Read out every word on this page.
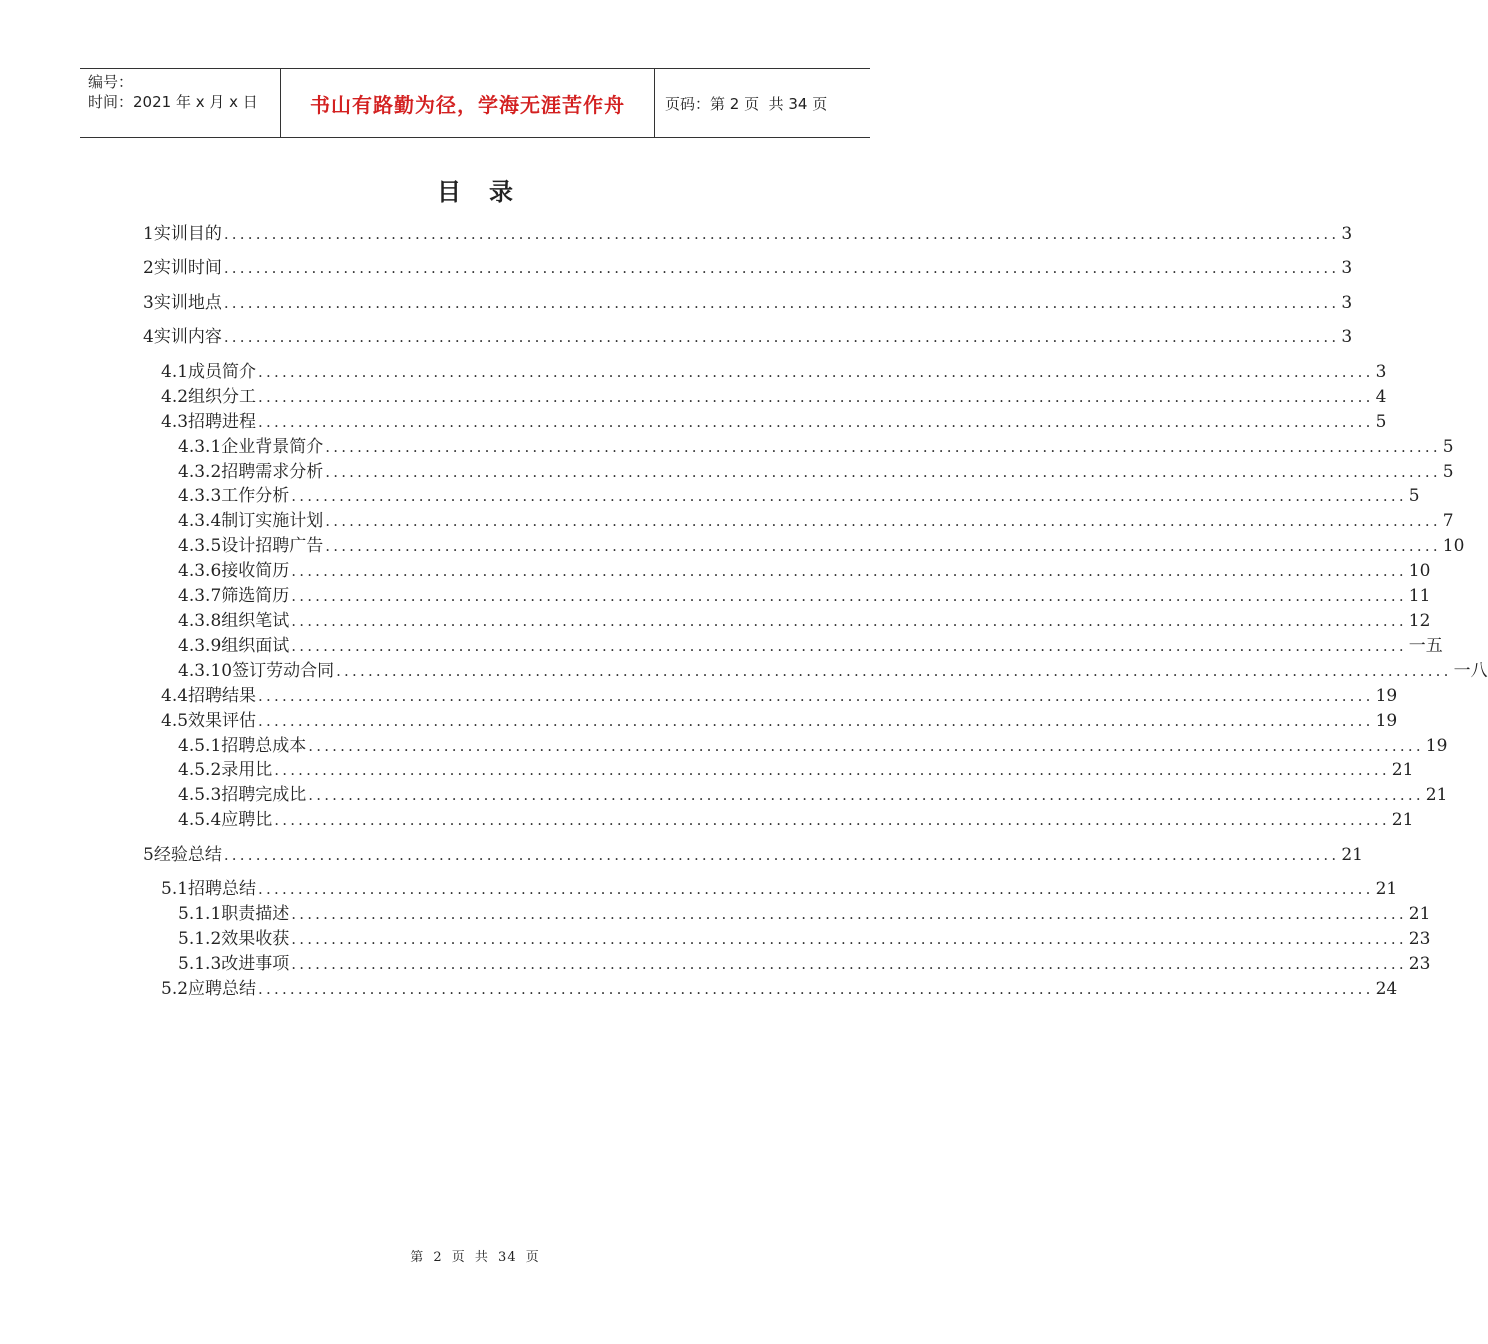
编号：
时间：2021 年 x 月 x 日	书山有路勤为径，学海无涯苦作舟	页码：第 2 页  共 34 页
目录
1 实训目的 ............................................................................................................................................ 3
2 实训时间 ............................................................................................................................................ 3
3 实训地点 ............................................................................................................................................ 3
4 实训内容 ............................................................................................................................................ 3
4.1 成员简介 ............................................................................................................................................ 3
4.2 组织分工 ............................................................................................................................................ 4
4.3 招聘进程 ............................................................................................................................................ 5
4.3.1 企业背景简介 ............................................................................................................................................ 5
4.3.2 招聘需求分析 ............................................................................................................................................ 5
4.3.3 工作分析 ............................................................................................................................................ 5
4.3.4 制订实施计划 ............................................................................................................................................ 7
4.3.5 设计招聘广告 ............................................................................................................................................ 10
4.3.6 接收简历 ............................................................................................................................................ 10
4.3.7 筛选简历 ............................................................................................................................................ 11
4.3.8 组织笔试 ............................................................................................................................................ 12
4.3.9 组织面试 ............................................................................................................................................ 一五
4.3.10 签订劳动合同 ............................................................................................................................................ 一八
4.4 招聘结果 ............................................................................................................................................ 19
4.5 效果评估 ............................................................................................................................................ 19
4.5.1 招聘总成本 ............................................................................................................................................ 19
4.5.2 录用比 ............................................................................................................................................ 21
4.5.3 招聘完成比 ............................................................................................................................................ 21
4.5.4 应聘比 ............................................................................................................................................ 21
5 经验总结 ............................................................................................................................................ 21
5.1 招聘总结 ............................................................................................................................................ 21
5.1.1 职责描述 ............................................................................................................................................ 21
5.1.2 效果收获 ............................................................................................................................................ 23
5.1.3 改进事项 ............................................................................................................................................ 23
5.2 应聘总结 ............................................................................................................................................ 24
第 2 页 共 34 页
